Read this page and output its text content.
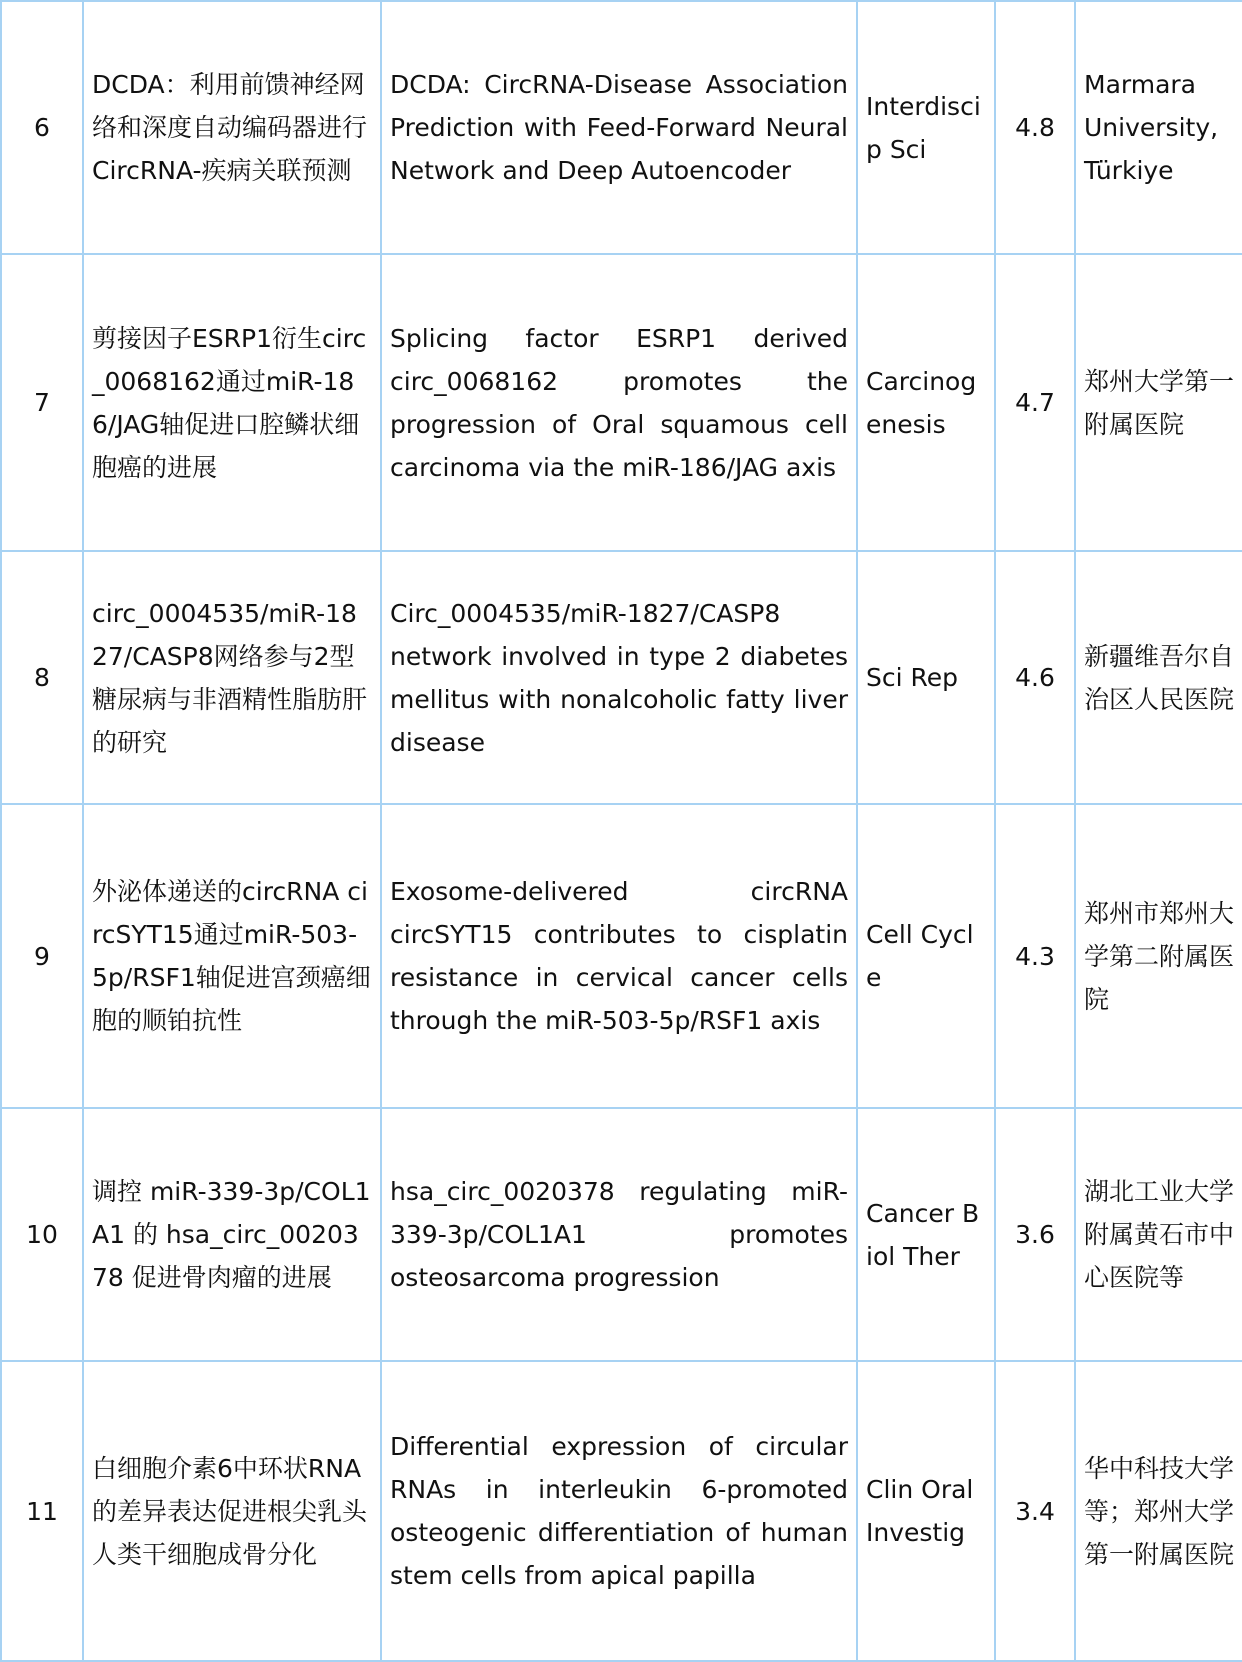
6	DCDA：利用前馈神经网络和深度自动编码器进行 CircRNA-疾病关联预测	DCDA: CircRNA-Disease Association Prediction with Feed-Forward Neural Network and Deep Autoencoder	Interdiscip Sci	4.8	Marmara University, Türkiye
7	剪接因子ESRP1衍生circ_0068162通过miR-186/JAG轴促进口腔鳞状细胞癌的进展	Splicing factor ESRP1 derived circ_0068162 promotes the progression of Oral squamous cell carcinoma via the miR-186/JAG axis	Carcinogenesis	4.7	郑州大学第一附属医院
8	circ_0004535/miR-1827/CASP8网络参与2型糖尿病与非酒精性脂肪肝的研究	Circ_0004535/miR-1827/CASP8 network involved in type 2 diabetes mellitus with nonalcoholic fatty liver disease	Sci Rep	4.6	新疆维吾尔自治区人民医院
9	外泌体递送的circRNA circSYT15通过miR-503-5p/RSF1轴促进宫颈癌细胞的顺铂抗性	Exosome-delivered circRNA circSYT15 contributes to cisplatin resistance in cervical cancer cells through the miR-503-5p/RSF1 axis	Cell Cycle	4.3	郑州市郑州大学第二附属医院
10	调控 miR-339-3p/COL1A1 的 hsa_circ_0020378 促进骨肉瘤的进展	hsa_circ_0020378 regulating miR-339-3p/COL1A1 promotes osteosarcoma progression	Cancer Biol Ther	3.6	湖北工业大学附属黄石市中心医院等
11	白细胞介素6中环状RNA的差异表达促进根尖乳头人类干细胞成骨分化	Differential expression of circular RNAs in interleukin 6-promoted osteogenic differentiation of human stem cells from apical papilla	Clin Oral Investig	3.4	华中科技大学等；郑州大学第一附属医院
